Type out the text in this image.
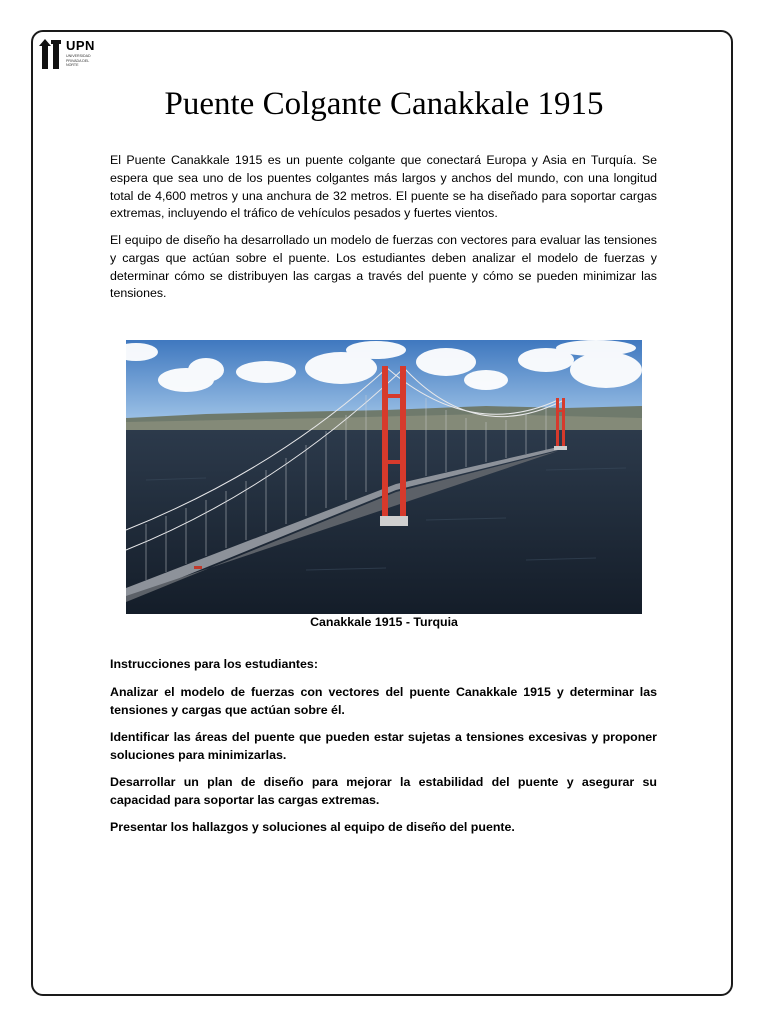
UPN
UNIVERSIDAD PRIVADA DEL NORTE
Puente Colgante Canakkale 1915
El Puente Canakkale 1915 es un puente colgante que conectará Europa y Asia en Turquía. Se espera que sea uno de los puentes colgantes más largos y anchos del mundo, con una longitud total de 4,600 metros y una anchura de 32 metros. El puente se ha diseñado para soportar cargas extremas, incluyendo el tráfico de vehículos pesados y fuertes vientos.
El equipo de diseño ha desarrollado un modelo de fuerzas con vectores para evaluar las tensiones y cargas que actúan sobre el puente. Los estudiantes deben analizar el modelo de fuerzas y determinar cómo se distribuyen las cargas a través del puente y cómo se pueden minimizar las tensiones.
Canakkale 1915 - Turquia
Instrucciones para los estudiantes:
Analizar el modelo de fuerzas con vectores del puente Canakkale 1915 y determinar las tensiones y cargas que actúan sobre él.
Identificar las áreas del puente que pueden estar sujetas a tensiones excesivas y proponer soluciones para minimizarlas.
Desarrollar un plan de diseño para mejorar la estabilidad del puente y asegurar su capacidad para soportar las cargas extremas.
Presentar los hallazgos y soluciones al equipo de diseño del puente.
